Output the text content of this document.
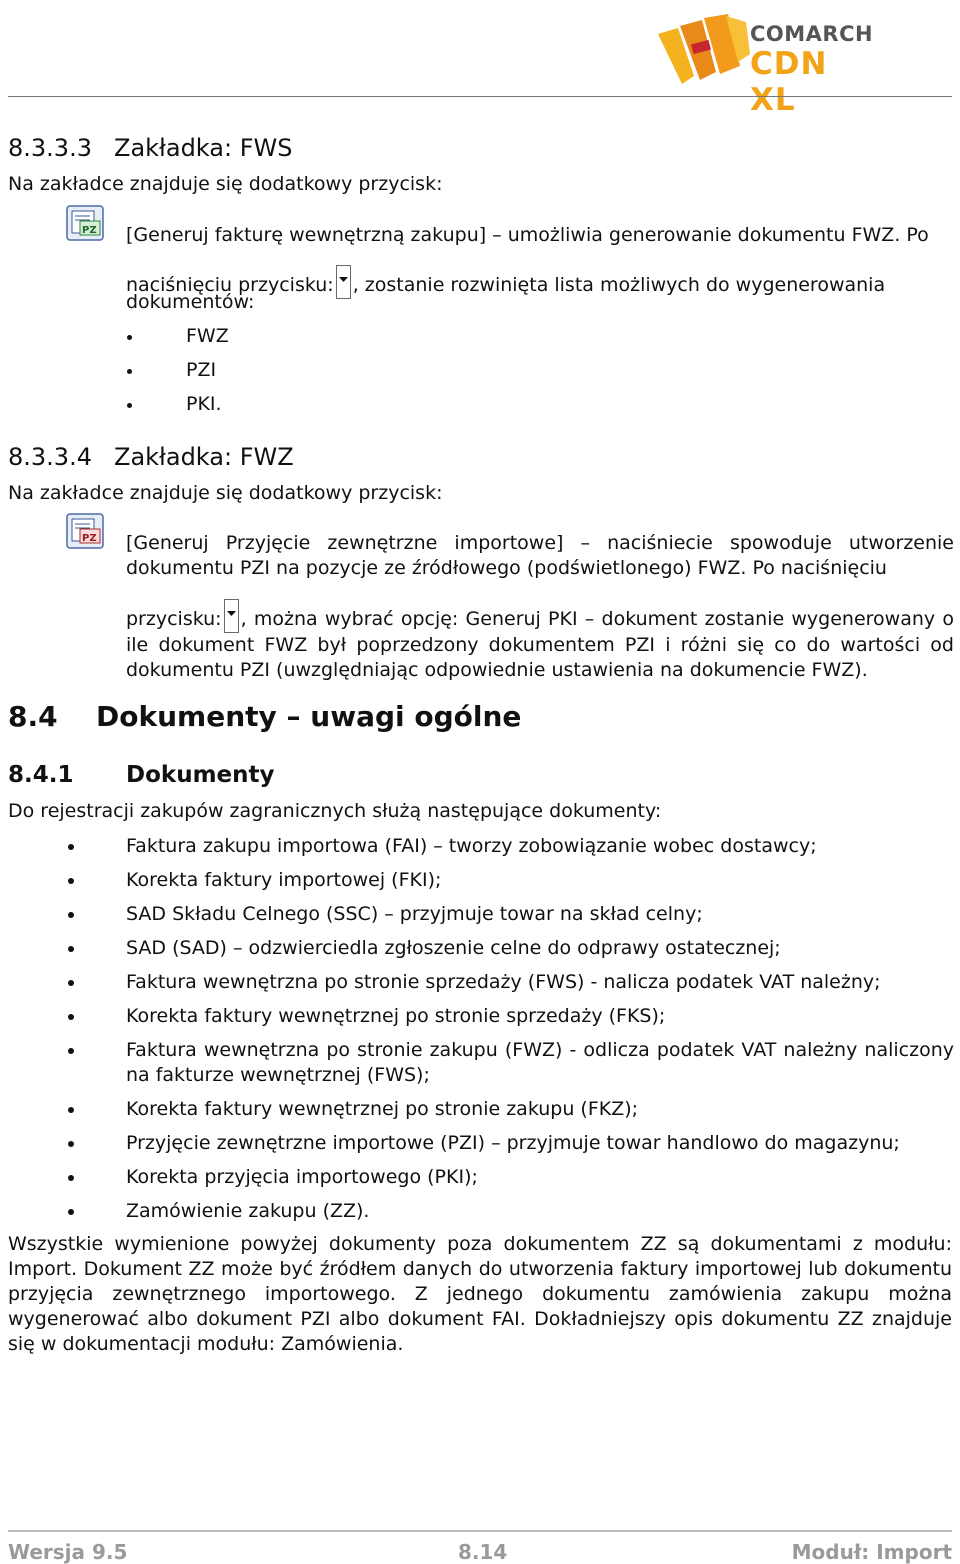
COMARCH
CDN XL
8.3.3.3 Zakładka: FWS
Na zakładce znajduje się dodatkowy przycisk:
PZ [Generuj fakturę wewnętrzną zakupu] – umożliwia generowanie dokumentu FWZ. Po
naciśnięciu przycisku: , zostanie rozwinięta lista możliwych do wygenerowania
dokumentów:
FWZ
PZI
PKI.
8.3.3.4 Zakładka: FWZ
Na zakładce znajduje się dodatkowy przycisk:
PZ [Generuj Przyjęcie zewnętrzne importowe] – naciśniecie spowoduje utworzenie dokumentu PZI na pozycje ze źródłowego (podświetlonego) FWZ. Po naciśnięciu
przycisku: , można wybrać opcję: Generuj PKI – dokument zostanie wygenerowany o ile dokument FWZ był poprzedzony dokumentem PZI i różni się co do wartości od dokumentu PZI (uwzględniając odpowiednie ustawienia na dokumencie FWZ).
8.4 Dokumenty – uwagi ogólne
8.4.1 Dokumenty
Do rejestracji zakupów zagranicznych służą następujące dokumenty:
Faktura zakupu importowa (FAI) – tworzy zobowiązanie wobec dostawcy;
Korekta faktury importowej (FKI);
SAD Składu Celnego (SSC) – przyjmuje towar na skład celny;
SAD (SAD) – odzwierciedla zgłoszenie celne do odprawy ostatecznej;
Faktura wewnętrzna po stronie sprzedaży (FWS) - nalicza podatek VAT należny;
Korekta faktury wewnętrznej po stronie sprzedaży (FKS);
Faktura wewnętrzna po stronie zakupu (FWZ) - odlicza podatek VAT należny naliczony na fakturze wewnętrznej (FWS);
Korekta faktury wewnętrznej po stronie zakupu (FKZ);
Przyjęcie zewnętrzne importowe (PZI) – przyjmuje towar handlowo do magazynu;
Korekta przyjęcia importowego (PKI);
Zamówienie zakupu (ZZ).
Wszystkie wymienione powyżej dokumenty poza dokumentem ZZ są dokumentami z modułu: Import. Dokument ZZ może być źródłem danych do utworzenia faktury importowej lub dokumentu przyjęcia zewnętrznego importowego. Z jednego dokumentu zamówienia zakupu można wygenerować albo dokument PZI albo dokument FAI. Dokładniejszy opis dokumentu ZZ znajduje się w dokumentacji modułu: Zamówienia.
Wersja 9.5	8.14	Moduł: Import
